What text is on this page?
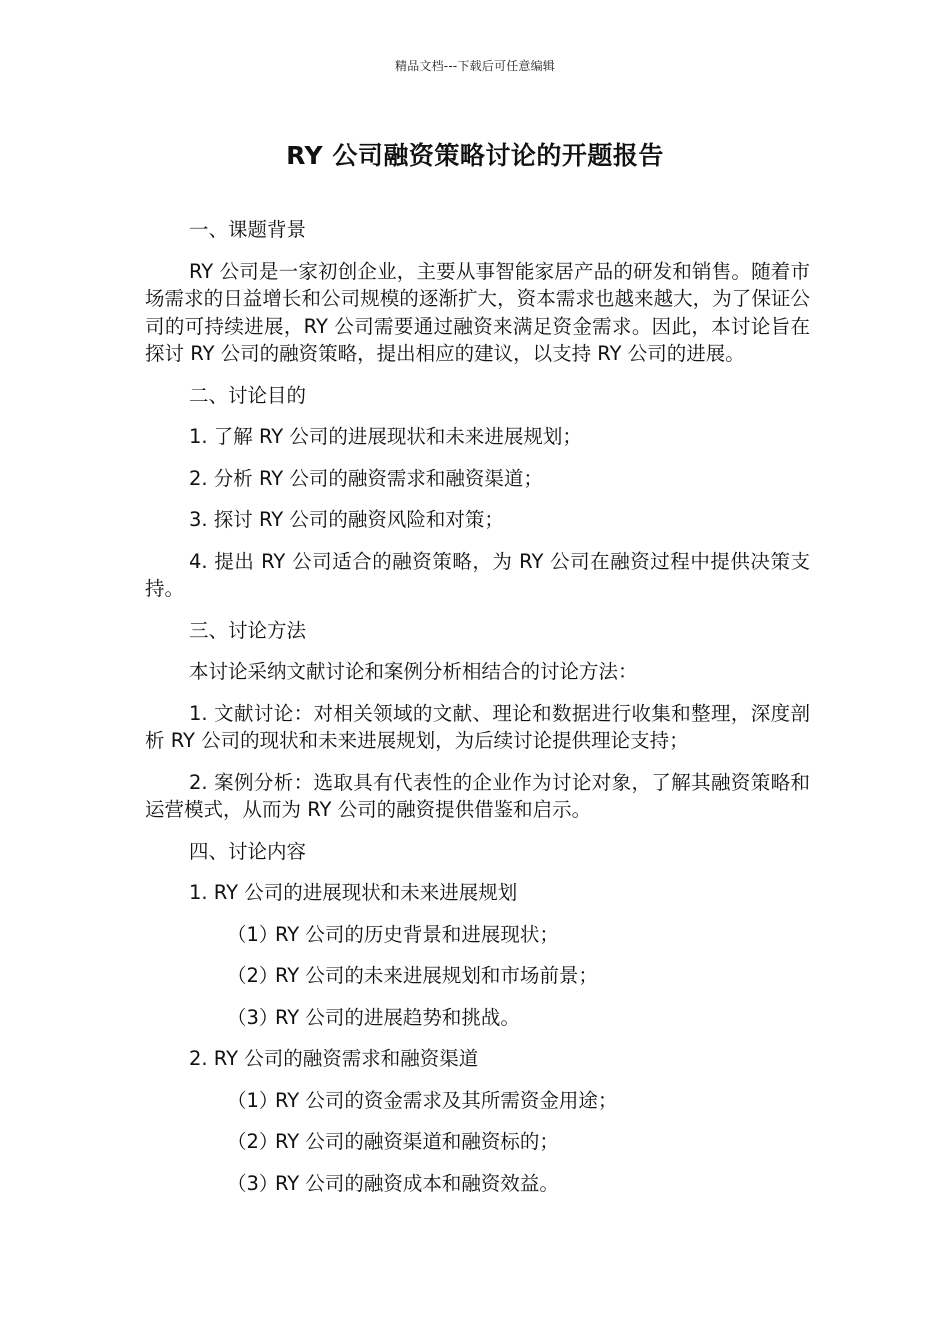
精品文档---下载后可任意编辑
RY 公司融资策略讨论的开题报告

一、课题背景

RY 公司是一家初创企业，主要从事智能家居产品的研发和销售。随着市场需求的日益增长和公司规模的逐渐扩大，资本需求也越来越大，为了保证公司的可持续进展，RY 公司需要通过融资来满足资金需求。因此，本讨论旨在探讨 RY 公司的融资策略，提出相应的建议，以支持 RY 公司的进展。

二、讨论目的

1. 了解 RY 公司的进展现状和未来进展规划；

2. 分析 RY 公司的融资需求和融资渠道；

3. 探讨 RY 公司的融资风险和对策；

4. 提出 RY 公司适合的融资策略，为 RY 公司在融资过程中提供决策支持。

三、讨论方法

本讨论采纳文献讨论和案例分析相结合的讨论方法：

1. 文献讨论：对相关领域的文献、理论和数据进行收集和整理，深度剖析 RY 公司的现状和未来进展规划，为后续讨论提供理论支持；

2. 案例分析：选取具有代表性的企业作为讨论对象，了解其融资策略和运营模式，从而为 RY 公司的融资提供借鉴和启示。

四、讨论内容

1. RY 公司的进展现状和未来进展规划

（1）RY 公司的历史背景和进展现状；

（2）RY 公司的未来进展规划和市场前景；

（3）RY 公司的进展趋势和挑战。

2. RY 公司的融资需求和融资渠道

（1）RY 公司的资金需求及其所需资金用途；

（2）RY 公司的融资渠道和融资标的；

（3）RY 公司的融资成本和融资效益。
